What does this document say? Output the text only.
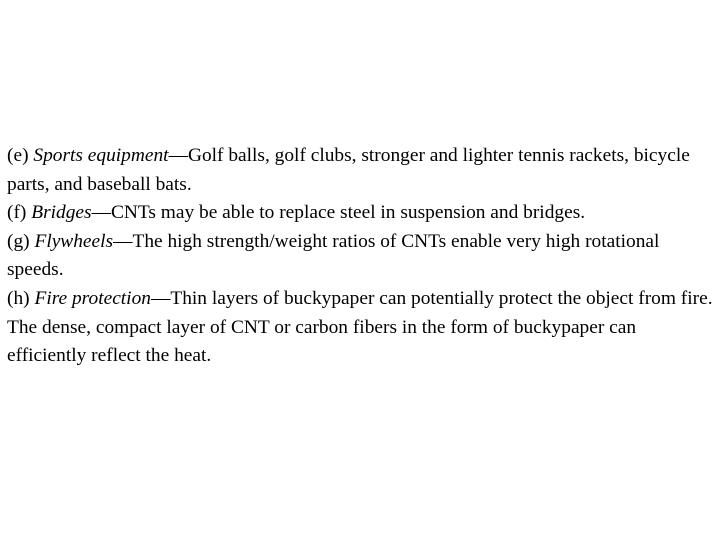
(e) Sports equipment—Golf balls, golf clubs, stronger and lighter tennis rackets, bicycle parts, and baseball bats.

(f) Bridges—CNTs may be able to replace steel in suspension and bridges.

(g) Flywheels—The high strength/weight ratios of CNTs enable very high rotational speeds.

(h) Fire protection—Thin layers of buckypaper can potentially protect the object from fire. The dense, compact layer of CNT or carbon fibers in the form of buckypaper can efficiently reflect the heat.
